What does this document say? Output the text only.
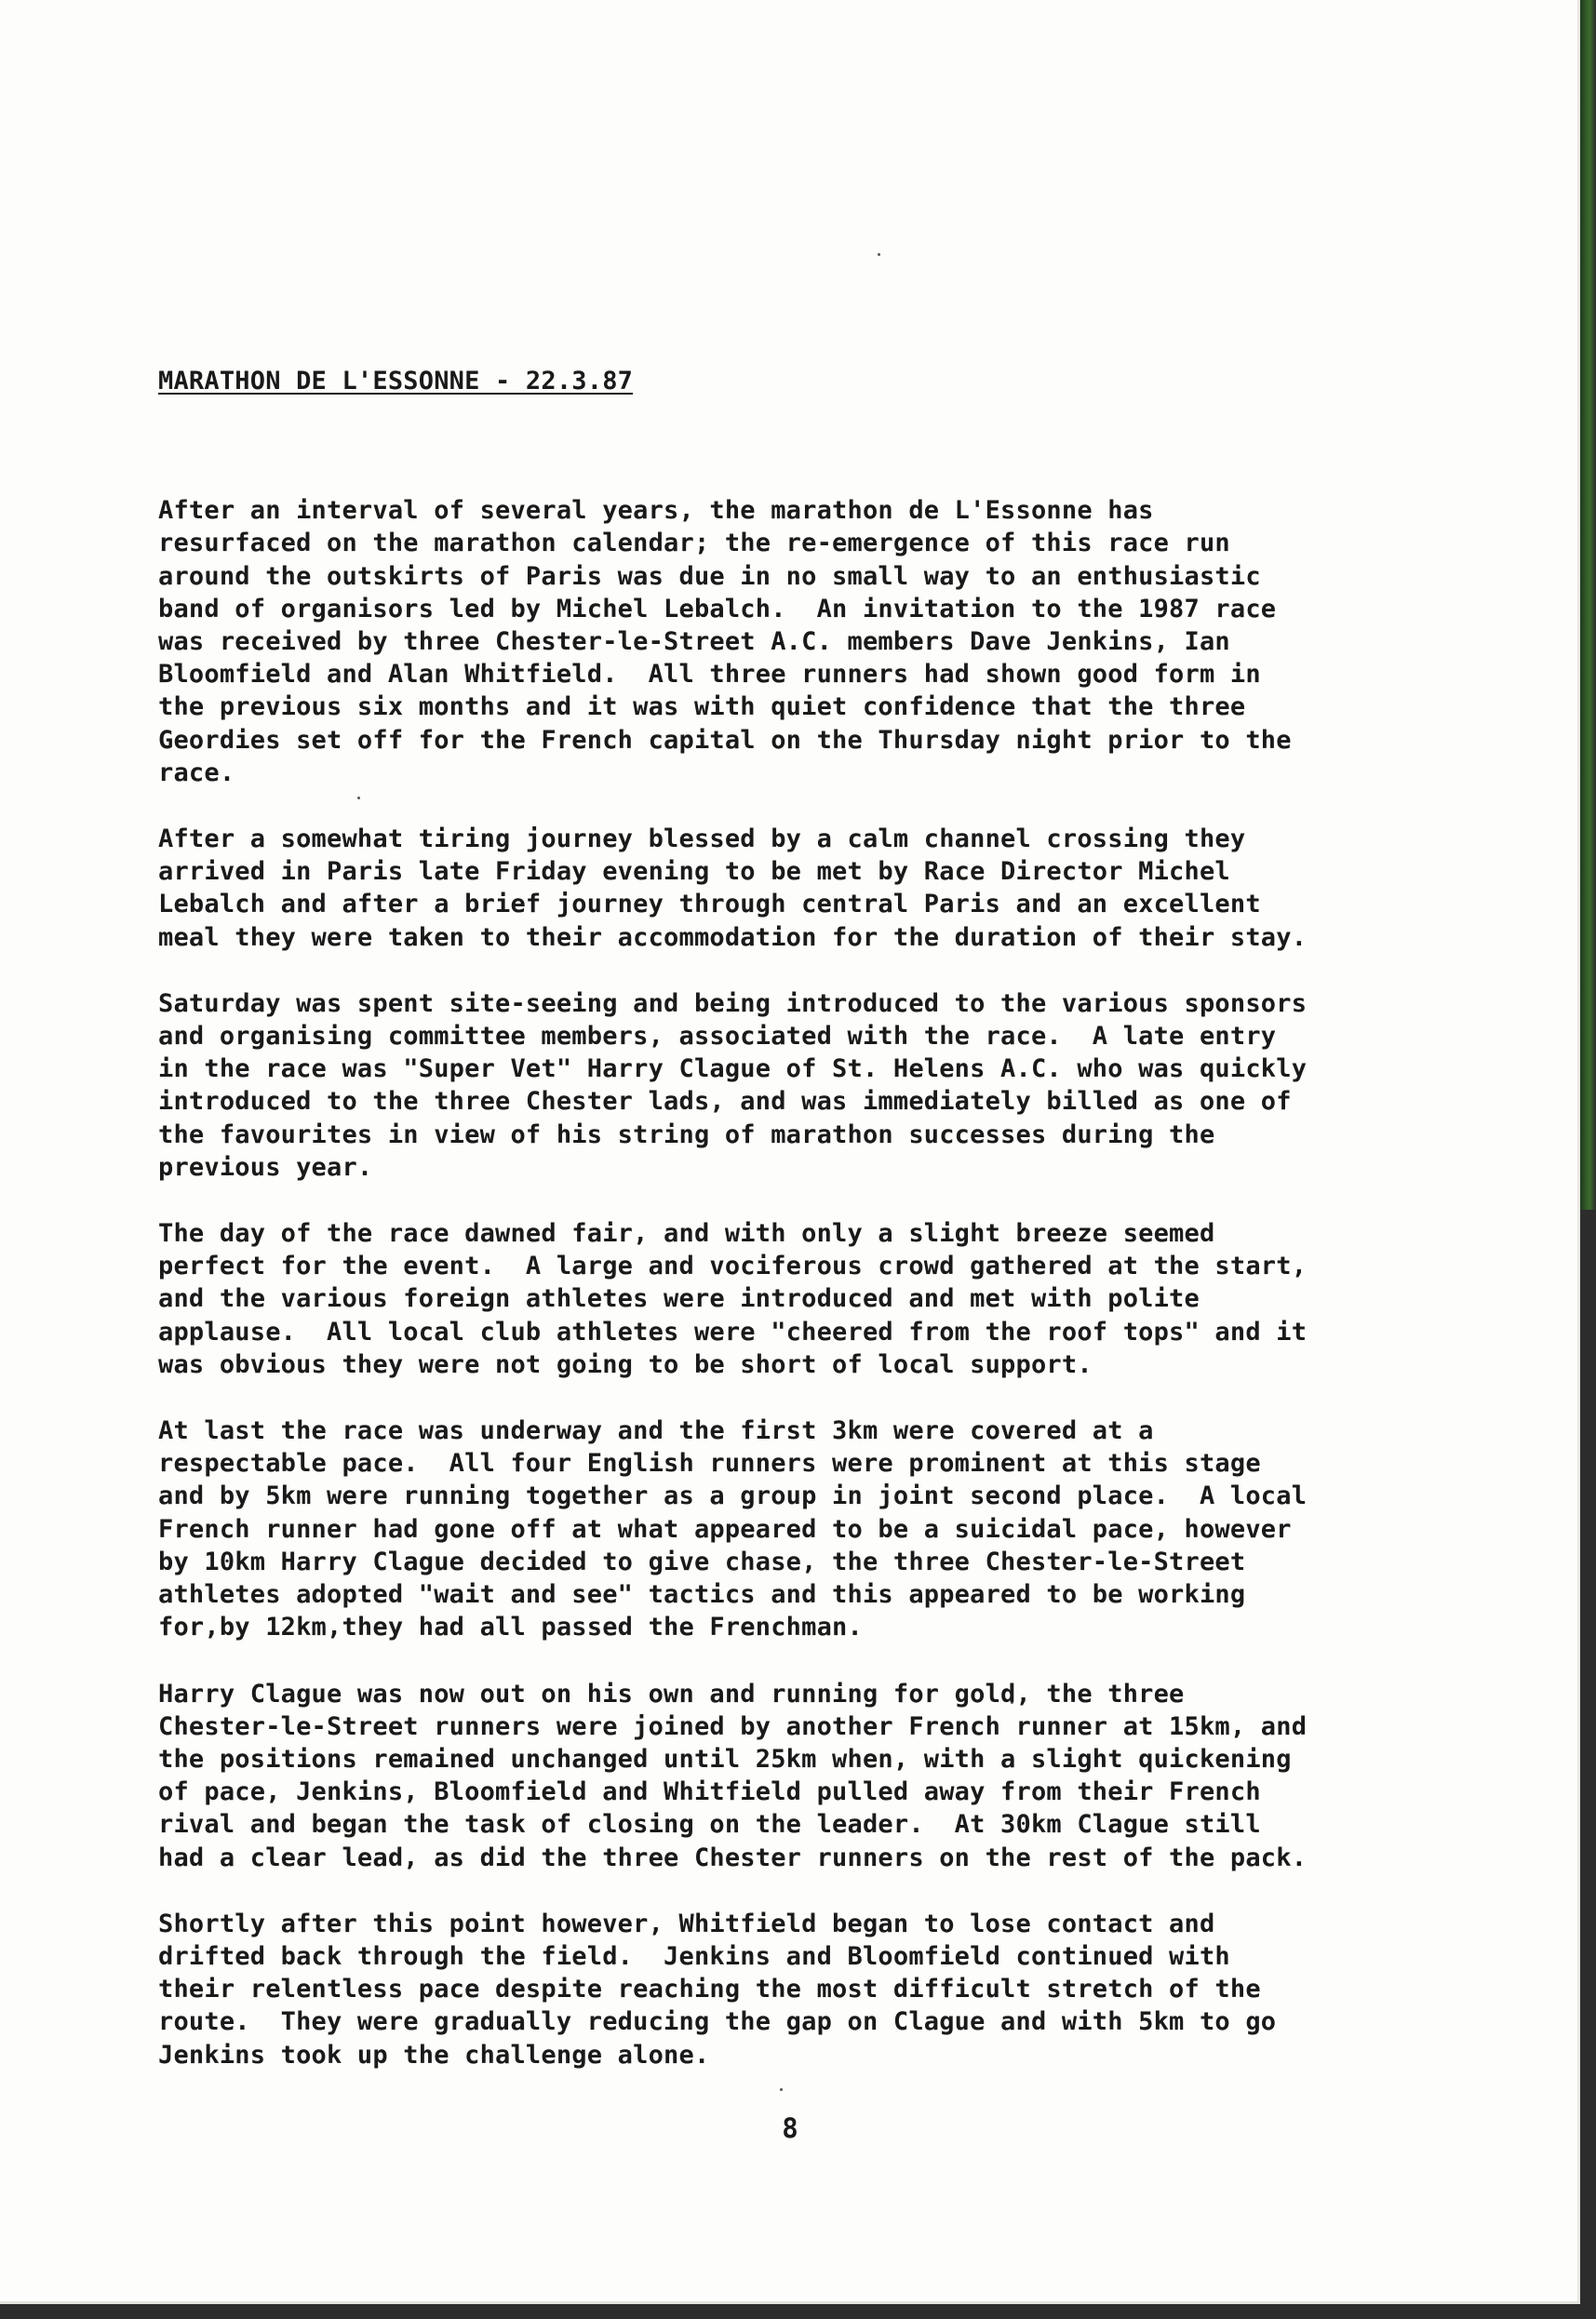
MARATHON DE L'ESSONNE - 22.3.87
After an interval of several years, the marathon de L'Essonne has
resurfaced on the marathon calendar; the re-emergence of this race run
around the outskirts of Paris was due in no small way to an enthusiastic
band of organisors led by Michel Lebalch.  An invitation to the 1987 race
was received by three Chester-le-Street A.C. members Dave Jenkins, Ian
Bloomfield and Alan Whitfield.  All three runners had shown good form in
the previous six months and it was with quiet confidence that the three
Geordies set off for the French capital on the Thursday night prior to the
race.
After a somewhat tiring journey blessed by a calm channel crossing they
arrived in Paris late Friday evening to be met by Race Director Michel
Lebalch and after a brief journey through central Paris and an excellent
meal they were taken to their accommodation for the duration of their stay.
Saturday was spent site-seeing and being introduced to the various sponsors
and organising committee members, associated with the race.  A late entry
in the race was "Super Vet" Harry Clague of St. Helens A.C. who was quickly
introduced to the three Chester lads, and was immediately billed as one of
the favourites in view of his string of marathon successes during the
previous year.
The day of the race dawned fair, and with only a slight breeze seemed
perfect for the event.  A large and vociferous crowd gathered at the start,
and the various foreign athletes were introduced and met with polite
applause.  All local club athletes were "cheered from the roof tops" and it
was obvious they were not going to be short of local support.
At last the race was underway and the first 3km were covered at a
respectable pace.  All four English runners were prominent at this stage
and by 5km were running together as a group in joint second place.  A local
French runner had gone off at what appeared to be a suicidal pace, however
by 10km Harry Clague decided to give chase, the three Chester-le-Street
athletes adopted "wait and see" tactics and this appeared to be working
for,by 12km,they had all passed the Frenchman.
Harry Clague was now out on his own and running for gold, the three
Chester-le-Street runners were joined by another French runner at 15km, and
the positions remained unchanged until 25km when, with a slight quickening
of pace, Jenkins, Bloomfield and Whitfield pulled away from their French
rival and began the task of closing on the leader.  At 30km Clague still
had a clear lead, as did the three Chester runners on the rest of the pack.
Shortly after this point however, Whitfield began to lose contact and
drifted back through the field.  Jenkins and Bloomfield continued with
their relentless pace despite reaching the most difficult stretch of the
route.  They were gradually reducing the gap on Clague and with 5km to go
Jenkins took up the challenge alone.
8
